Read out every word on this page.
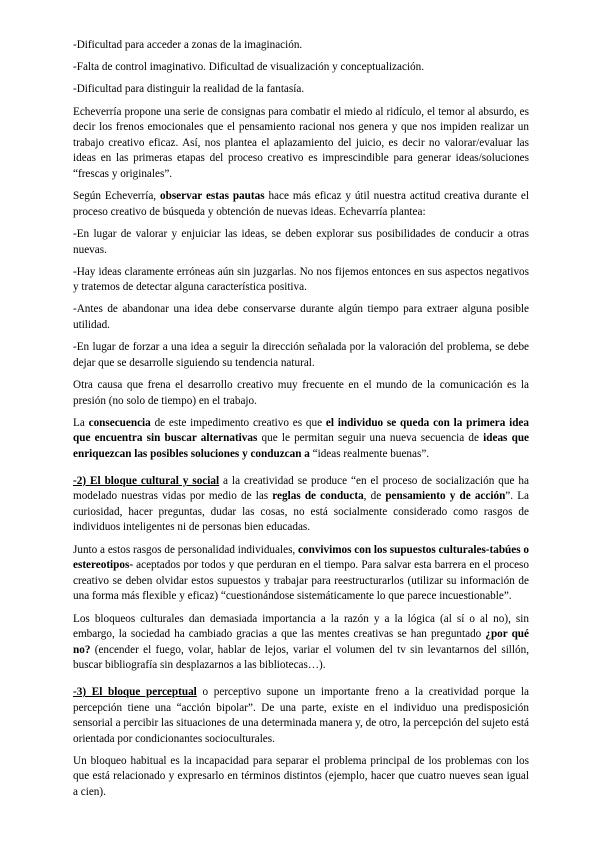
-Dificultad para acceder a zonas de la imaginación.

-Falta de control imaginativo. Dificultad de visualización y conceptualización.

-Dificultad para distinguir la realidad de la fantasía.

Echeverría propone una serie de consignas para combatir el miedo al ridículo, el temor al absurdo, es decir los frenos emocionales que el pensamiento racional nos genera y que nos impiden realizar un trabajo creativo eficaz. Así, nos plantea el aplazamiento del juicio, es decir no valorar/evaluar las ideas en las primeras etapas del proceso creativo es imprescindible para generar ideas/soluciones “frescas y originales”.

Según Echeverría, observar estas pautas hace más eficaz y útil nuestra actitud creativa durante el proceso creativo de búsqueda y obtención de nuevas ideas. Echevarría plantea:

-En lugar de valorar y enjuiciar las ideas, se deben explorar sus posibilidades de conducir a otras nuevas.

-Hay ideas claramente erróneas aún sin juzgarlas. No nos fijemos entonces en sus aspectos negativos y tratemos de detectar alguna característica positiva.

-Antes de abandonar una idea debe conservarse durante algún tiempo para extraer alguna posible utilidad.

-En lugar de forzar a una idea a seguir la dirección señalada por la valoración del problema, se debe dejar que se desarrolle siguiendo su tendencia natural.

Otra causa que frena el desarrollo creativo muy frecuente en el mundo de la comunicación es la presión (no solo de tiempo) en el trabajo.

La consecuencia de este impedimento creativo es que el individuo se queda con la primera idea que encuentra sin buscar alternativas que le permitan seguir una nueva secuencia de ideas que enriquezcan las posibles soluciones y conduzcan a “ideas realmente buenas”.

-2) El bloque cultural y social a la creatividad se produce “en el proceso de socialización que ha modelado nuestras vidas por medio de las reglas de conducta, de pensamiento y de acción”. La curiosidad, hacer preguntas, dudar las cosas, no está socialmente considerado como rasgos de individuos inteligentes ni de personas bien educadas.

Junto a estos rasgos de personalidad individuales, convivimos con los supuestos culturales-tabúes o estereotipos- aceptados por todos y que perduran en el tiempo. Para salvar esta barrera en el proceso creativo se deben olvidar estos supuestos y trabajar para reestructurarlos (utilizar su información de una forma más flexible y eficaz) “cuestionándose sistemáticamente lo que parece incuestionable”.

Los bloqueos culturales dan demasiada importancia a la razón y a la lógica (al sí o al no), sin embargo, la sociedad ha cambiado gracias a que las mentes creativas se han preguntado ¿por qué no? (encender el fuego, volar, hablar de lejos, variar el volumen del tv sin levantarnos del sillón, buscar bibliografía sin desplazarnos a las bibliotecas…).

-3) El bloque perceptual o perceptivo supone un importante freno a la creatividad porque la percepción tiene una “acción bipolar”. De una parte, existe en el individuo una predisposición sensorial a percibir las situaciones de una determinada manera y, de otro, la percepción del sujeto está orientada por condicionantes socioculturales.

Un bloqueo habitual es la incapacidad para separar el problema principal de los problemas con los que está relacionado y expresarlo en términos distintos (ejemplo, hacer que cuatro nueves sean igual a cien).
